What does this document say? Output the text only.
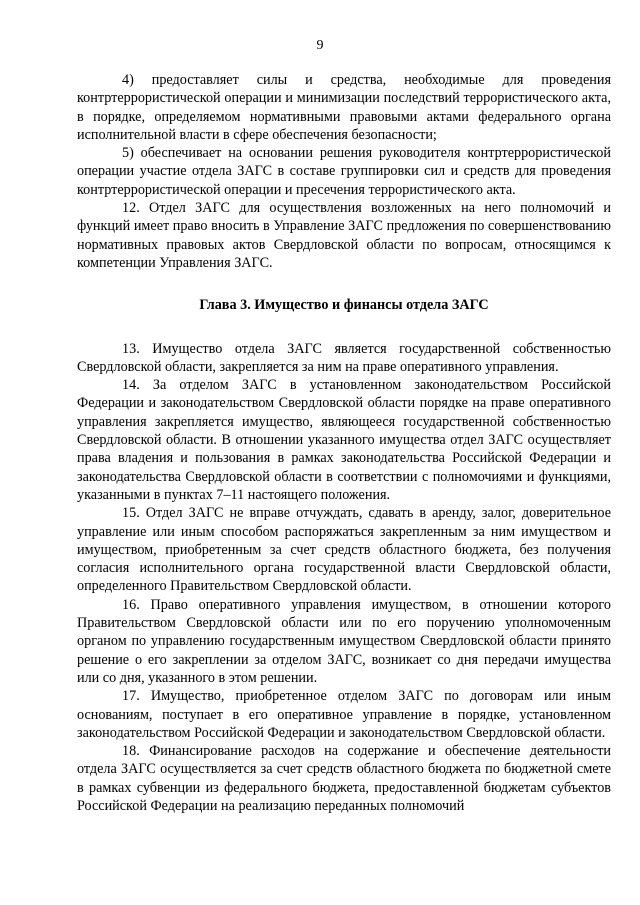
9

4) предоставляет силы и средства, необходимые для проведения контртеррористической операции и минимизации последствий террористического акта, в порядке, определяемом нормативными правовыми актами федерального органа исполнительной власти в сфере обеспечения безопасности;

5) обеспечивает на основании решения руководителя контртеррористической операции участие отдела ЗАГС в составе группировки сил и средств для проведения контртеррористической операции и пресечения террористического акта.

12. Отдел ЗАГС для осуществления возложенных на него полномочий и функций имеет право вносить в Управление ЗАГС предложения по совершенствованию нормативных правовых актов Свердловской области по вопросам, относящимся к компетенции Управления ЗАГС.

Глава 3. Имущество и финансы отдела ЗАГС

13. Имущество отдела ЗАГС является государственной собственностью Свердловской области, закрепляется за ним на праве оперативного управления.

14. За отделом ЗАГС в установленном законодательством Российской Федерации и законодательством Свердловской области порядке на праве оперативного управления закрепляется имущество, являющееся государственной собственностью Свердловской области. В отношении указанного имущества отдел ЗАГС осуществляет права владения и пользования в рамках законодательства Российской Федерации и законодательства Свердловской области в соответствии с полномочиями и функциями, указанными в пунктах 7–11 настоящего положения.

15. Отдел ЗАГС не вправе отчуждать, сдавать в аренду, залог, доверительное управление или иным способом распоряжаться закрепленным за ним имуществом и имуществом, приобретенным за счет средств областного бюджета, без получения согласия исполнительного органа государственной власти Свердловской области, определенного Правительством Свердловской области.

16. Право оперативного управления имуществом, в отношении которого Правительством Свердловской области или по его поручению уполномоченным органом по управлению государственным имуществом Свердловской области принято решение о его закреплении за отделом ЗАГС, возникает со дня передачи имущества или со дня, указанного в этом решении.

17. Имущество, приобретенное отделом ЗАГС по договорам или иным основаниям, поступает в его оперативное управление в порядке, установленном законодательством Российской Федерации и законодательством Свердловской области.

18. Финансирование расходов на содержание и обеспечение деятельности отдела ЗАГС осуществляется за счет средств областного бюджета по бюджетной смете в рамках субвенции из федерального бюджета, предоставленной бюджетам субъектов Российской Федерации на реализацию переданных полномочий
